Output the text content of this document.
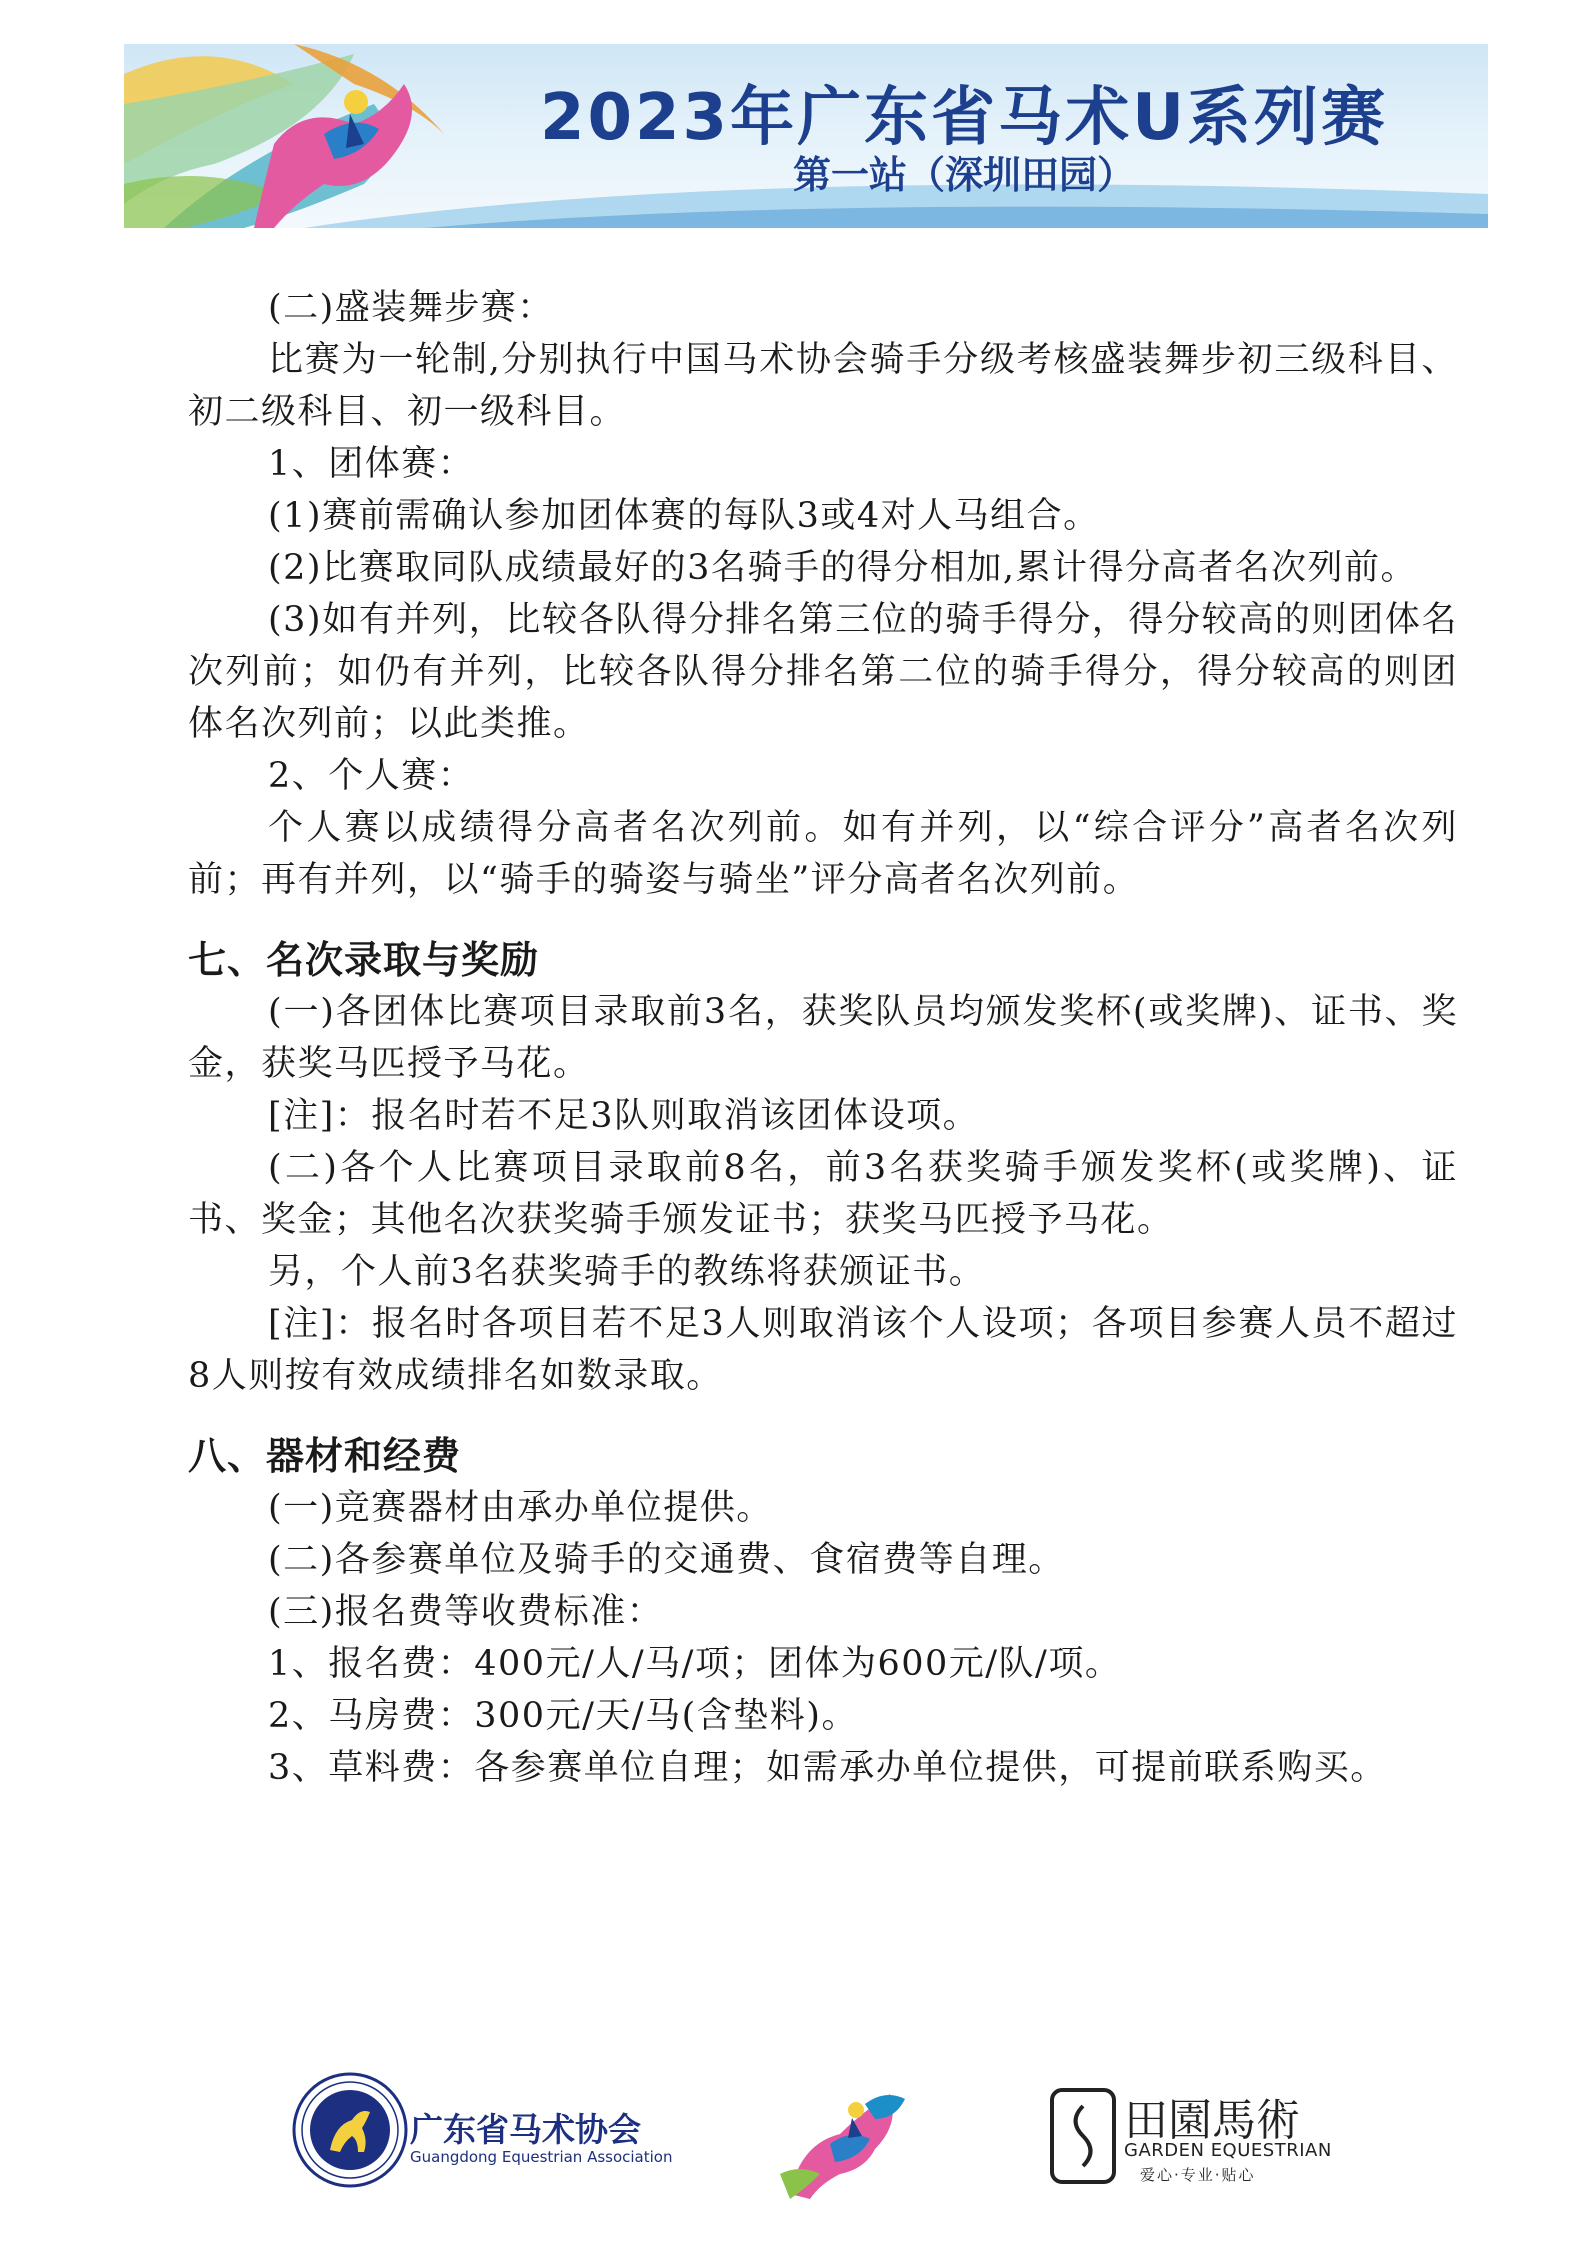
2023年广东省马术U系列赛
第一站（深圳田园）

(二)盛装舞步赛：

比赛为一轮制,分别执行中国马术协会骑手分级考核盛装舞步初三级科目、初二级科目、初一级科目。

1、团体赛：

(1)赛前需确认参加团体赛的每队3或4对人马组合。

(2)比赛取同队成绩最好的3名骑手的得分相加,累计得分高者名次列前。

(3)如有并列，比较各队得分排名第三位的骑手得分，得分较高的则团体名次列前；如仍有并列，比较各队得分排名第二位的骑手得分，得分较高的则团体名次列前；以此类推。

2、个人赛：

个人赛以成绩得分高者名次列前。如有并列，以“综合评分”高者名次列前；再有并列，以“骑手的骑姿与骑坐”评分高者名次列前。

七、名次录取与奖励

(一)各团体比赛项目录取前3名，获奖队员均颁发奖杯(或奖牌)、证书、奖金，获奖马匹授予马花。

[注]：报名时若不足3队则取消该团体设项。

(二)各个人比赛项目录取前8名，前3名获奖骑手颁发奖杯(或奖牌)、证书、奖金；其他名次获奖骑手颁发证书；获奖马匹授予马花。

另，个人前3名获奖骑手的教练将获颁证书。

[注]：报名时各项目若不足3人则取消该个人设项；各项目参赛人员不超过8人则按有效成绩排名如数录取。

八、器材和经费

(一)竞赛器材由承办单位提供。

(二)各参赛单位及骑手的交通费、食宿费等自理。

(三)报名费等收费标准：

1、报名费：400元/人/马/项；团体为600元/队/项。

2、马房费：300元/天/马(含垫料)。

3、草料费：各参赛单位自理；如需承办单位提供，可提前联系购买。

广东省马术协会
Guangdong Equestrian Association
田園馬術
GARDEN EQUESTRIAN
爱心·专业·贴心
